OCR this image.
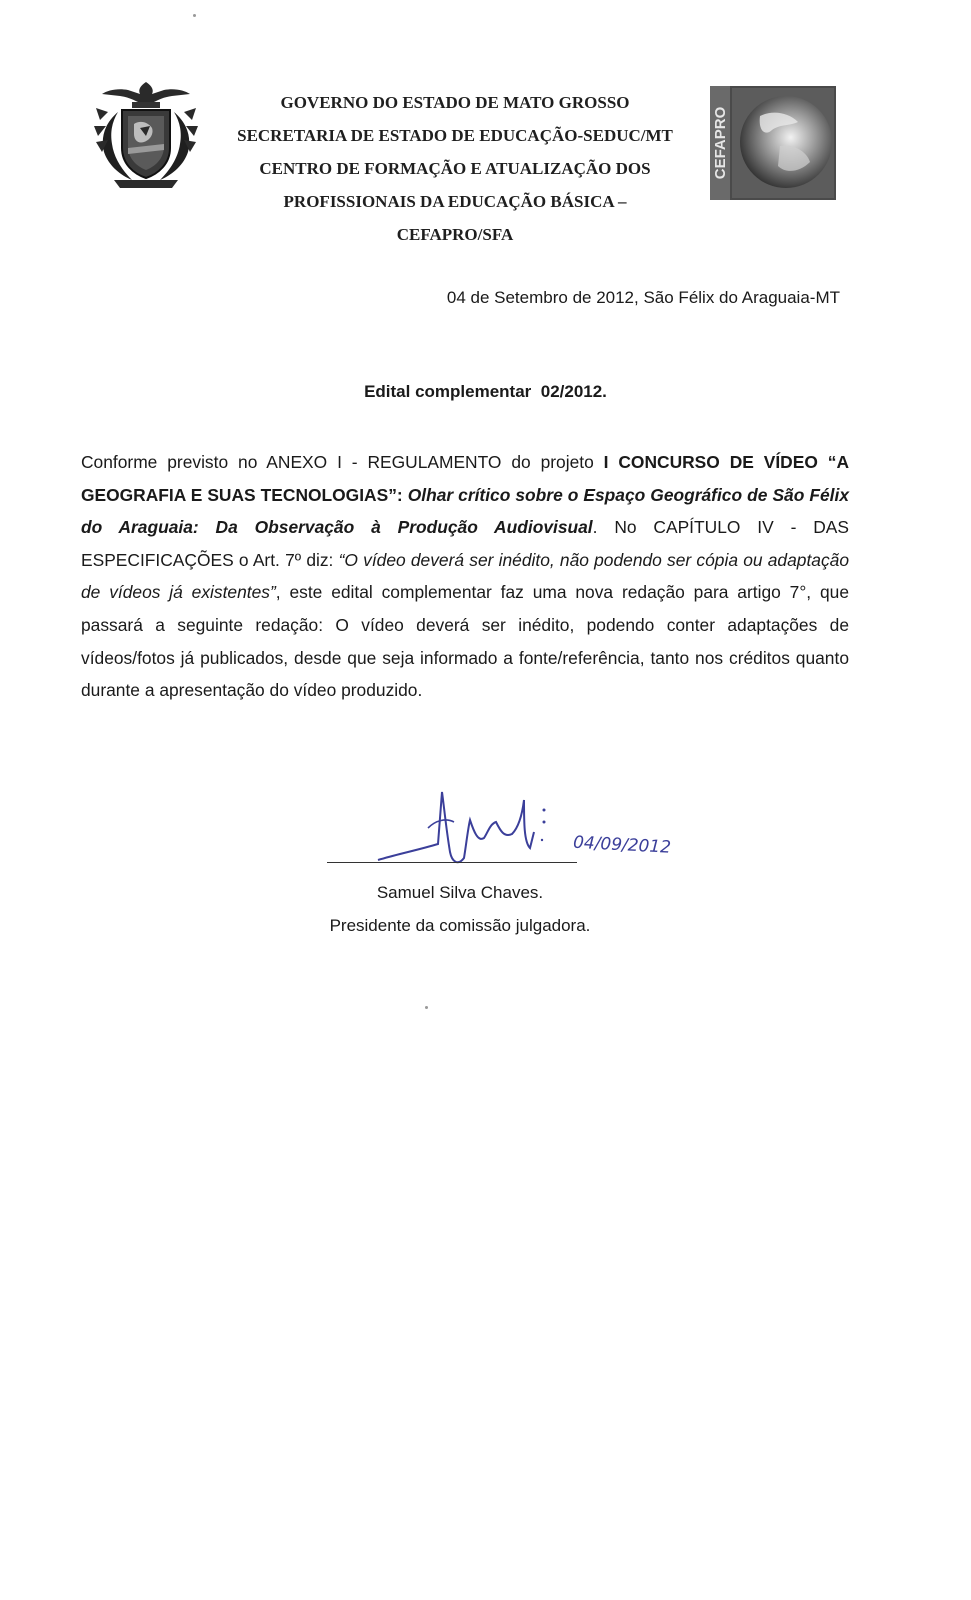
GOVERNO DO ESTADO DE MATO GROSSO
SECRETARIA DE ESTADO DE EDUCAÇÃO-SEDUC/MT
CENTRO DE FORMAÇÃO E ATUALIZAÇÃO DOS
PROFISSIONAIS DA EDUCAÇÃO BÁSICA –
CEFAPRO/SFA
CEFAPRO
04 de Setembro de 2012, São Félix do Araguaia-MT
Edital complementar  02/2012.
Conforme previsto no ANEXO I - REGULAMENTO do projeto I CONCURSO DE VÍDEO “A GEOGRAFIA E SUAS TECNOLOGIAS”: Olhar crítico sobre o Espaço Geográfico de São Félix do Araguaia: Da Observação à Produção Audiovisual. No CAPÍTULO IV - DAS ESPECIFICAÇÕES o Art. 7º diz: “O vídeo deverá ser inédito, não podendo ser cópia ou adaptação de vídeos já existentes”, este edital complementar faz uma nova redação para artigo 7°, que passará a seguinte redação: O vídeo deverá ser inédito, podendo conter adaptações de vídeos/fotos já publicados, desde que seja informado a fonte/referência, tanto nos créditos quanto durante a apresentação do vídeo produzido.
04/09/2012
Samuel Silva Chaves.
Presidente da comissão julgadora.
